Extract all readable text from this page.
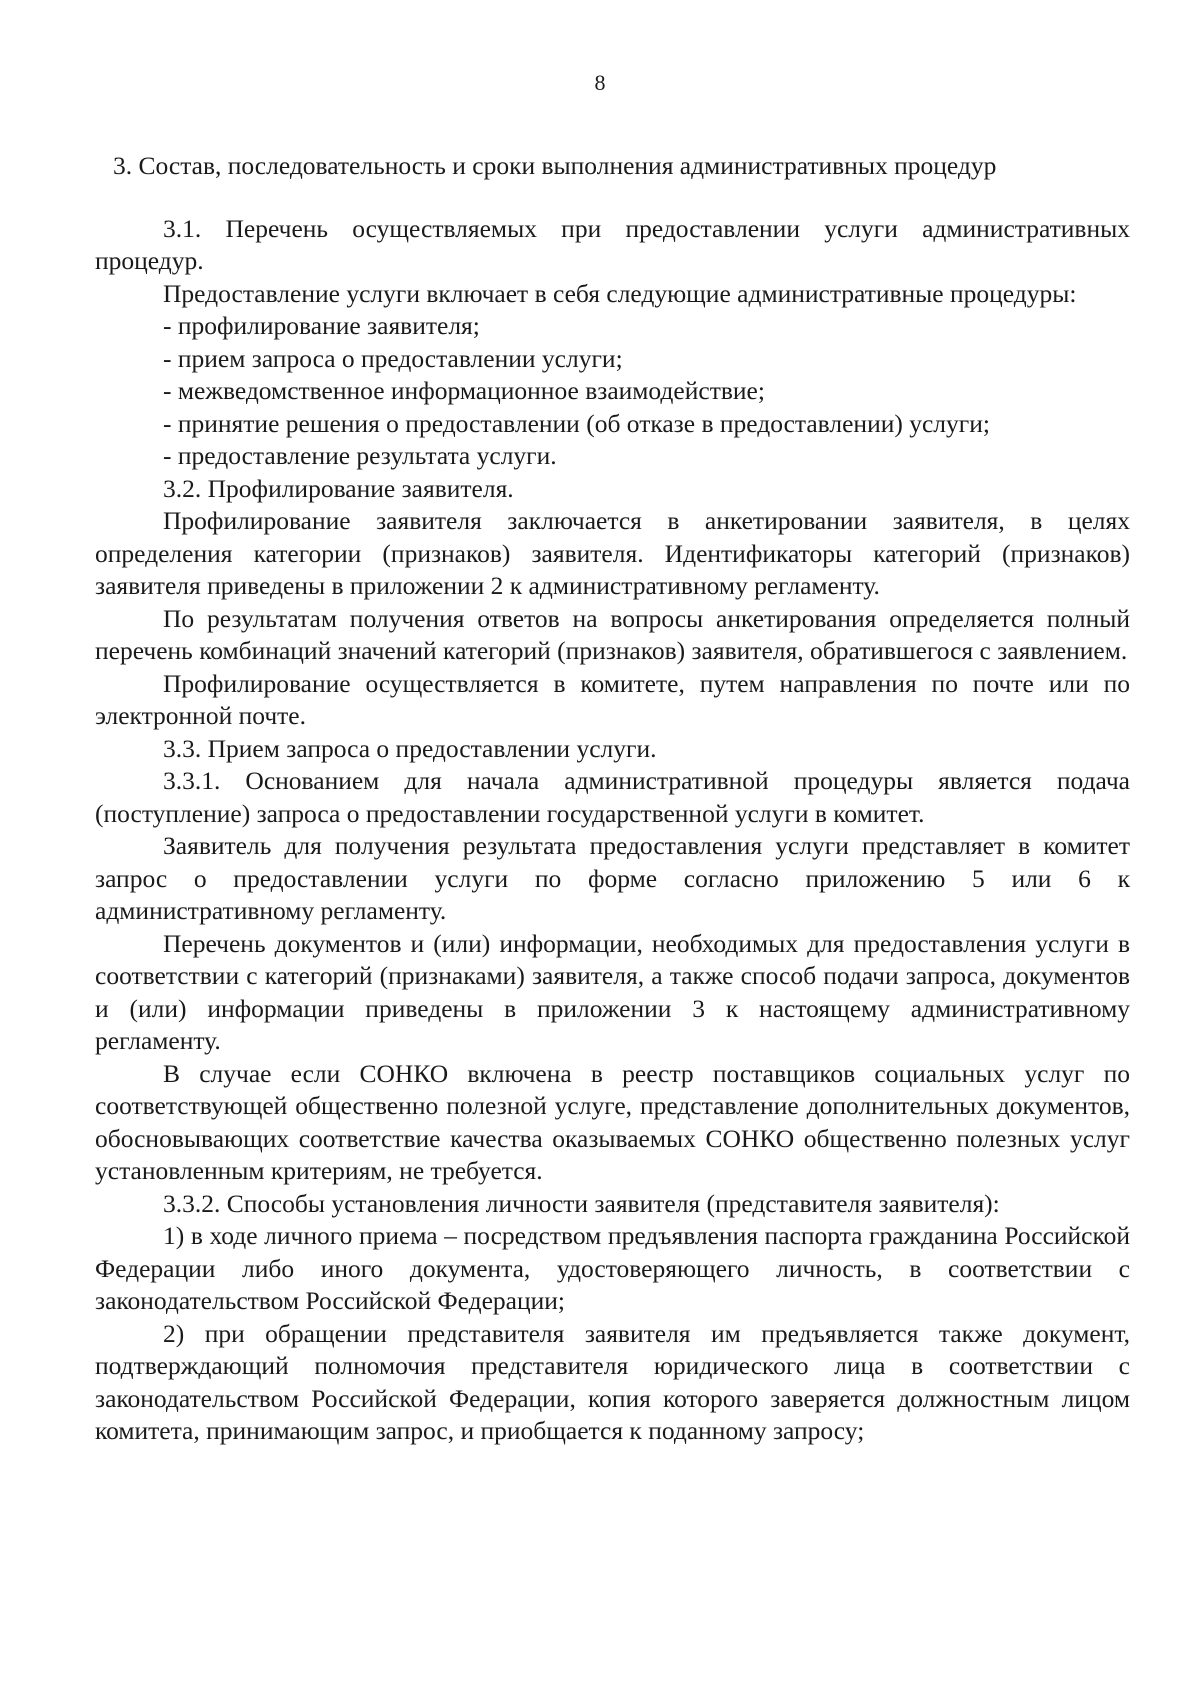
8

3. Состав, последовательность и сроки выполнения административных процедур

3.1. Перечень осуществляемых при предоставлении услуги административных процедур.

Предоставление услуги включает в себя следующие административные процедуры:

- профилирование заявителя;

- прием запроса о предоставлении услуги;

- межведомственное информационное взаимодействие;

- принятие решения о предоставлении (об отказе в предоставлении) услуги;

- предоставление результата услуги.

3.2. Профилирование заявителя.

Профилирование заявителя заключается в анкетировании заявителя, в целях определения категории (признаков) заявителя. Идентификаторы категорий (признаков) заявителя приведены в приложении 2 к административному регламенту.

По результатам получения ответов на вопросы анкетирования определяется полный перечень комбинаций значений категорий (признаков) заявителя, обратившегося с заявлением.

Профилирование осуществляется в комитете, путем направления по почте или по электронной почте.

3.3. Прием запроса о предоставлении услуги.

3.3.1. Основанием для начала административной процедуры является подача (поступление) запроса о предоставлении государственной услуги в комитет.

Заявитель для получения результата предоставления услуги представляет в комитет запрос о предоставлении услуги по форме согласно приложению 5 или 6 к административному регламенту.

Перечень документов и (или) информации, необходимых для предоставления услуги в соответствии с категорий (признаками) заявителя, а также способ подачи запроса, документов и (или) информации приведены в приложении 3 к настоящему административному регламенту.

В случае если СОНКО включена в реестр поставщиков социальных услуг по соответствующей общественно полезной услуге, представление дополнительных документов, обосновывающих соответствие качества оказываемых СОНКО общественно полезных услуг установленным критериям, не требуется.

3.3.2. Способы установления личности заявителя (представителя заявителя):

1) в ходе личного приема – посредством предъявления паспорта гражданина Российской Федерации либо иного документа, удостоверяющего личность, в соответствии с законодательством Российской Федерации;

2) при обращении представителя заявителя им предъявляется также документ, подтверждающий полномочия представителя юридического лица в соответствии с законодательством Российской Федерации, копия которого заверяется должностным лицом комитета, принимающим запрос, и приобщается к поданному запросу;
